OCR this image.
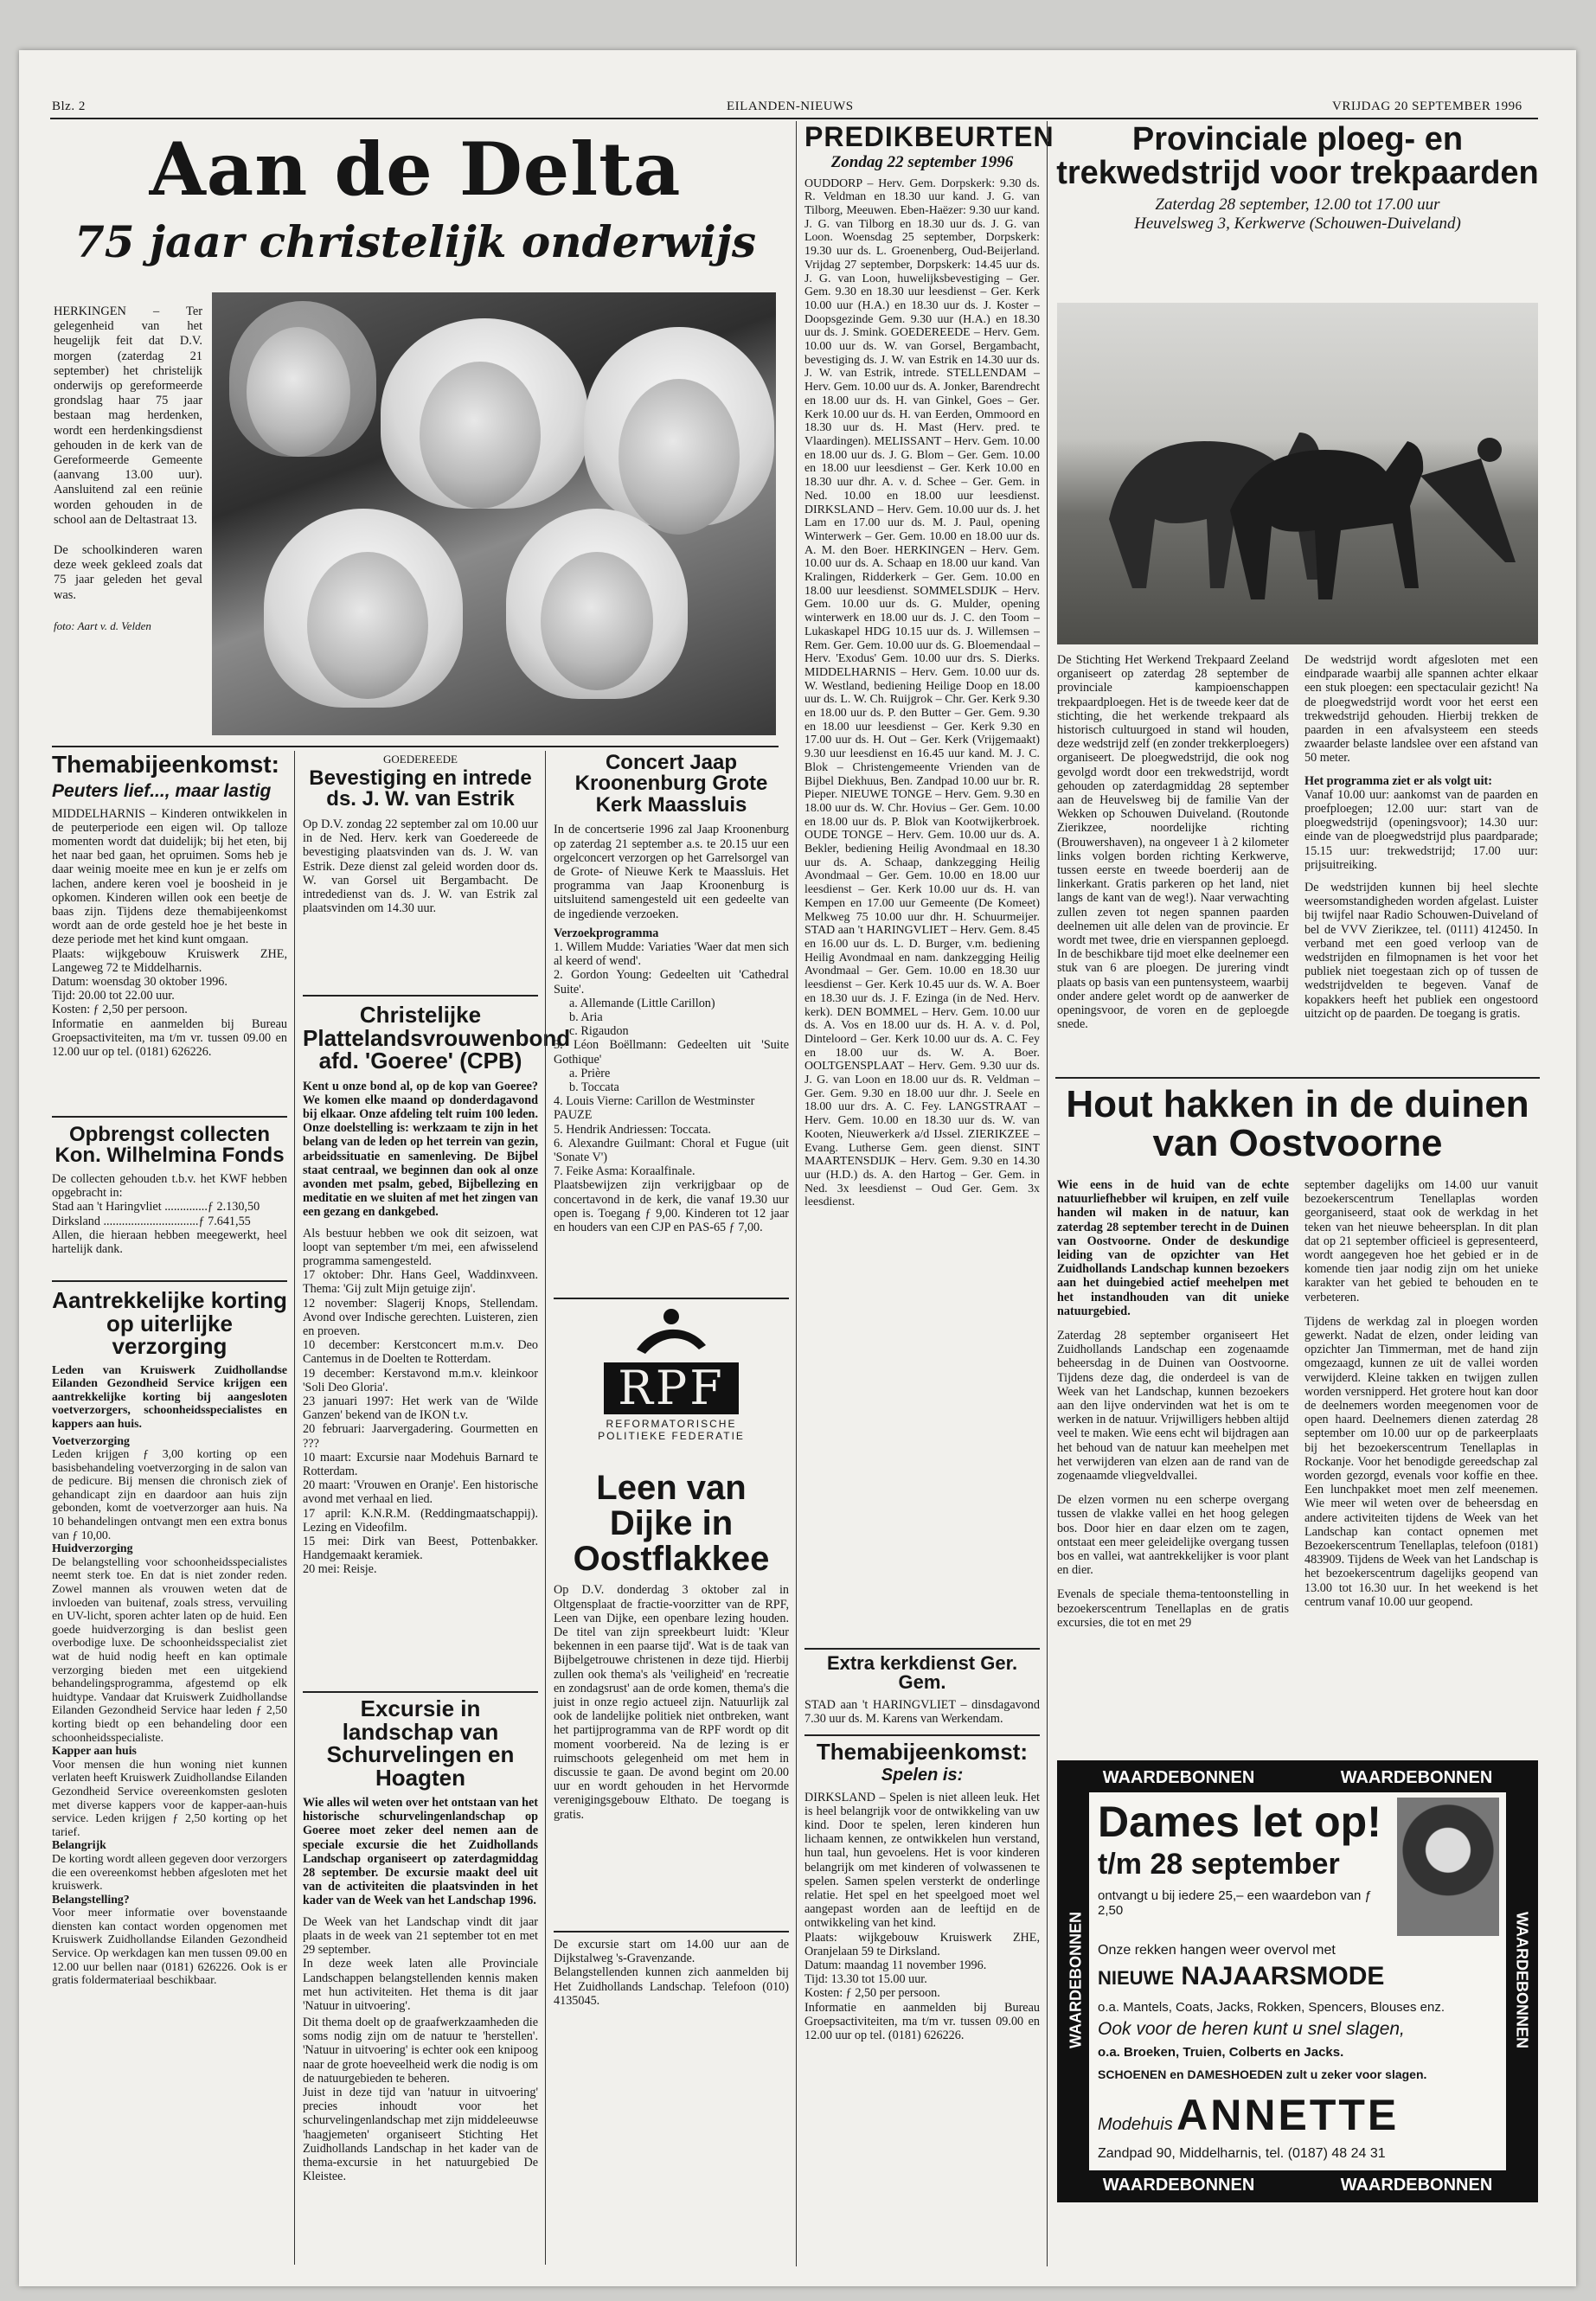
Blz. 2	EILANDEN-NIEUWS	VRIJDAG 20 SEPTEMBER 1996
Aan de Delta
75 jaar christelijk onderwijs

HERKINGEN – Ter gelegenheid van het heugelijk feit dat D.V. morgen (zaterdag 21 september) het christelijk onderwijs op gereformeerde grondslag haar 75 jaar bestaan mag herdenken, wordt een herdenkingsdienst gehouden in de kerk van de Gereformeerde Gemeente (aanvang 13.00 uur). Aansluitend zal een reünie worden gehouden in de school aan de Deltastraat 13.

De schoolkinderen waren deze week gekleed zoals dat 75 jaar geleden het geval was.

foto: Aart v. d. Velden

Themabijeenkomst:
Peuters lief..., maar lastig

MIDDELHARNIS – Kinderen ontwikkelen in de peuterperiode een eigen wil. Op talloze momenten wordt dat duidelijk; bij het eten, bij het naar bed gaan, het opruimen. Soms heb je daar weinig moeite mee en kun je er zelfs om lachen, andere keren voel je boosheid in je opkomen. Kinderen willen ook een beetje de baas zijn. Tijdens deze themabijeenkomst wordt aan de orde gesteld hoe je het beste in deze periode met het kind kunt omgaan.

Plaats: wijkgebouw Kruiswerk ZHE, Langeweg 72 te Middelharnis.

Datum: woensdag 30 oktober 1996.

Tijd: 20.00 tot 22.00 uur.

Kosten: ƒ 2,50 per persoon.

Informatie en aanmelden bij Bureau Groepsactiviteiten, ma t/m vr. tussen 09.00 en 12.00 uur op tel. (0181) 626226.

Opbrengst collecten Kon. Wilhelmina Fonds

De collecten gehouden t.b.v. het KWF hebben opgebracht in:

Stad aan 't Haringvliet ..............ƒ 2.130,50

Dirksland ...............................ƒ 7.641,55

Allen, die hieraan hebben meegewerkt, heel hartelijk dank.

Aantrekkelijke korting op uiterlijke verzorging

Leden van Kruiswerk Zuidhollandse Eilanden Gezondheid Service krijgen een aantrekkelijke korting bij aangesloten voetverzorgers, schoonheidsspecialistes en kappers aan huis.

Voetverzorging

Leden krijgen ƒ 3,00 korting op een basisbehandeling voetverzorging in de salon van de pedicure. Bij mensen die chronisch ziek of gehandicapt zijn en daardoor aan huis zijn gebonden, komt de voetverzorger aan huis. Na 10 behandelingen ontvangt men een extra bonus van ƒ 10,00.

Huidverzorging

De belangstelling voor schoonheidsspecialistes neemt sterk toe. En dat is niet zonder reden. Zowel mannen als vrouwen weten dat de invloeden van buitenaf, zoals stress, vervuiling en UV-licht, sporen achter laten op de huid. Een goede huidverzorging is dan beslist geen overbodige luxe. De schoonheidsspecialist ziet wat de huid nodig heeft en kan optimale verzorging bieden met een uitgekiend behandelingsprogramma, afgestemd op elk huidtype. Vandaar dat Kruiswerk Zuidhollandse Eilanden Gezondheid Service haar leden ƒ 2,50 korting biedt op een behandeling door een schoonheidsspecialiste.

Kapper aan huis

Voor mensen die hun woning niet kunnen verlaten heeft Kruiswerk Zuidhollandse Eilanden Gezondheid Service overeenkomsten gesloten met diverse kappers voor de kapper-aan-huis service. Leden krijgen ƒ 2,50 korting op het tarief.

Belangrijk

De korting wordt alleen gegeven door verzorgers die een overeenkomst hebben afgesloten met het kruiswerk.

Belangstelling?

Voor meer informatie over bovenstaande diensten kan contact worden opgenomen met Kruiswerk Zuidhollandse Eilanden Gezondheid Service. Op werkdagen kan men tussen 09.00 en 12.00 uur bellen naar (0181) 626226. Ook is er gratis foldermateriaal beschikbaar.

GOEDEREEDE
Bevestiging en intrede ds. J. W. van Estrik
Op D.V. zondag 22 september zal om 10.00 uur in de Ned. Herv. kerk van Goedereede de bevestiging plaatsvinden van ds. J. W. van Estrik. Deze dienst zal geleid worden door ds. W. van Gorsel uit Bergambacht. De intrededienst van ds. J. W. van Estrik zal plaatsvinden om 14.30 uur.
Christelijke Plattelandsvrouwenbond afd. 'Goeree' (CPB)

Kent u onze bond al, op de kop van Goeree? We komen elke maand op donderdagavond bij elkaar. Onze afdeling telt ruim 100 leden. Onze doelstelling is: werkzaam te zijn in het belang van de leden op het terrein van gezin, arbeidssituatie en samenleving. De Bijbel staat centraal, we beginnen dan ook al onze avonden met psalm, gebed, Bijbellezing en meditatie en we sluiten af met het zingen van een gezang en dankgebed.

Als bestuur hebben we ook dit seizoen, wat loopt van september t/m mei, een afwisselend programma samengesteld.

17 oktober: Dhr. Hans Geel, Waddinxveen. Thema: 'Gij zult Mijn getuige zijn'.

12 november: Slagerij Knops, Stellendam. Avond over Indische gerechten. Luisteren, zien en proeven.

10 december: Kerstconcert m.m.v. Deo Cantemus in de Doelten te Rotterdam.

19 december: Kerstavond m.m.v. kleinkoor 'Soli Deo Gloria'.

23 januari 1997: Het werk van de 'Wilde Ganzen' bekend van de IKON t.v.

20 februari: Jaarvergadering. Gourmetten en ???

10 maart: Excursie naar Modehuis Barnard te Rotterdam.

20 maart: 'Vrouwen en Oranje'. Een historische avond met verhaal en lied.

17 april: K.N.R.M. (Reddingmaatschappij). Lezing en Videofilm.

15 mei: Dirk van Beest, Pottenbakker. Handgemaakt keramiek.

20 mei: Reisje.

Excursie in landschap van Schurvelingen en Hoagten

Wie alles wil weten over het ontstaan van het historische schurvelingenlandschap op Goeree moet zeker deel nemen aan de speciale excursie die het Zuidhollands Landschap organiseert op zaterdagmiddag 28 september. De excursie maakt deel uit van de activiteiten die plaatsvinden in het kader van de Week van het Landschap 1996.

De Week van het Landschap vindt dit jaar plaats in de week van 21 september tot en met 29 september.

In deze week laten alle Provinciale Landschappen belangstellenden kennis maken met hun activiteiten. Het thema is dit jaar 'Natuur in uitvoering'.

Concert Jaap Kroonenburg Grote Kerk Maassluis

In de concertserie 1996 zal Jaap Kroonenburg op zaterdag 21 september a.s. te 20.15 uur een orgelconcert verzorgen op het Garrelsorgel van de Grote- of Nieuwe Kerk te Maassluis. Het programma van Jaap Kroonenburg is uitsluitend samengesteld uit een gedeelte van de ingediende verzoeken.

Verzoekprogramma

1. Willem Mudde: Variaties 'Waer dat men sich al keerd of wend'.

2. Gordon Young: Gedeelten uit 'Cathedral Suite'.

a. Allemande (Little Carillon)

b. Aria

c. Rigaudon

3. Léon Boëllmann: Gedeelten uit 'Suite Gothique'

a. Prière

b. Toccata

4. Louis Vierne: Carillon de Westminster

PAUZE

5. Hendrik Andriessen: Toccata.

6. Alexandre Guilmant: Choral et Fugue (uit 'Sonate V')

7. Feike Asma: Koraalfinale.

Plaatsbewijzen zijn verkrijgbaar op de concertavond in de kerk, die vanaf 19.30 uur open is. Toegang ƒ 9,00. Kinderen tot 12 jaar en houders van een CJP en PAS-65 ƒ 7,00.

RPF
REFORMATORISCHE
POLITIEKE FEDERATIE
Leen van Dijke in Oostflakkee
Op D.V. donderdag 3 oktober zal in Oltgensplaat de fractie-voorzitter van de RPF, Leen van Dijke, een openbare lezing houden. De titel van zijn spreekbeurt luidt: 'Kleur bekennen in een paarse tijd'. Wat is de taak van Bijbelgetrouwe christenen in deze tijd. Hierbij zullen ook thema's als 'veiligheid' en 'recreatie en zondagsrust' aan de orde komen, thema's die juist in onze regio actueel zijn. Natuurlijk zal ook de landelijke politiek niet ontbreken, want het partijprogramma van de RPF wordt op dit moment voorbereid. Na de lezing is er ruimschoots gelegenheid om met hem in discussie te gaan. De avond begint om 20.00 uur en wordt gehouden in het Hervormde verenigingsgebouw Elthato. De toegang is gratis.

Dit thema doelt op de graafwerkzaamheden die soms nodig zijn om de natuur te 'herstellen'. 'Natuur in uitvoering' is echter ook een knipoog naar de grote hoeveelheid werk die nodig is om de natuurgebieden te beheren.

Juist in deze tijd van 'natuur in uitvoering' precies inhoudt voor het schurvelingenlandschap met zijn middeleeuwse 'haagjemeten' organiseert Stichting Het Zuidhollands Landschap in het kader van de thema-excursie in het natuurgebied De Kleistee.

De excursie start om 14.00 uur aan de Dijkstalweg 's-Gravenzande.

Belangstellenden kunnen zich aanmelden bij Het Zuidhollands Landschap. Telefoon (010) 4135045.

PREDIKBEURTEN
Zondag 22 september 1996
OUDDORP – Herv. Gem. Dorpskerk: 9.30 ds. R. Veldman en 18.30 uur kand. J. G. van Tilborg, Meeuwen. Eben-Haëzer: 9.30 uur kand. J. G. van Tilborg en 18.30 uur ds. J. G. van Loon. Woensdag 25 september, Dorpskerk: 19.30 uur ds. L. Groenenberg, Oud-Beijerland. Vrijdag 27 september, Dorpskerk: 14.45 uur ds. J. G. van Loon, huwelijksbevestiging – Ger. Gem. 9.30 en 18.30 uur leesdienst – Ger. Kerk 10.00 uur (H.A.) en 18.30 uur ds. J. Koster – Doopsgezinde Gem. 9.30 uur (H.A.) en 18.30 uur ds. J. Smink. GOEDEREEDE – Herv. Gem. 10.00 uur ds. W. van Gorsel, Bergambacht, bevestiging ds. J. W. van Estrik en 14.30 uur ds. J. W. van Estrik, intrede. STELLENDAM – Herv. Gem. 10.00 uur ds. A. Jonker, Barendrecht en 18.00 uur ds. H. van Ginkel, Goes – Ger. Kerk 10.00 uur ds. H. van Eerden, Ommoord en 18.30 uur ds. H. Mast (Herv. pred. te Vlaardingen). MELISSANT – Herv. Gem. 10.00 en 18.00 uur ds. J. G. Blom – Ger. Gem. 10.00 en 18.00 uur leesdienst – Ger. Kerk 10.00 en 18.30 uur dhr. A. v. d. Schee – Ger. Gem. in Ned. 10.00 en 18.00 uur leesdienst. DIRKSLAND – Herv. Gem. 10.00 uur ds. J. het Lam en 17.00 uur ds. M. J. Paul, opening Winterwerk – Ger. Gem. 10.00 en 18.00 uur ds. A. M. den Boer. HERKINGEN – Herv. Gem. 10.00 uur ds. A. Schaap en 18.00 uur kand. Van Kralingen, Ridderkerk – Ger. Gem. 10.00 en 18.00 uur leesdienst. SOMMELSDIJK – Herv. Gem. 10.00 uur ds. G. Mulder, opening winterwerk en 18.00 uur ds. J. C. den Toom – Lukaskapel HDG 10.15 uur ds. J. Willemsen – Rem. Ger. Gem. 10.00 uur ds. G. Bloemendaal – Herv. 'Exodus' Gem. 10.00 uur drs. S. Dierks. MIDDELHARNIS – Herv. Gem. 10.00 uur ds. W. Westland, bediening Heilige Doop en 18.00 uur ds. L. W. Ch. Ruijgrok – Chr. Ger. Kerk 9.30 en 18.00 uur ds. P. den Butter – Ger. Gem. 9.30 en 18.00 uur leesdienst – Ger. Kerk 9.30 en 17.00 uur ds. H. Out – Ger. Kerk (Vrijgemaakt) 9.30 uur leesdienst en 16.45 uur kand. M. J. C. Blok – Christengemeente Vrienden van de Bijbel Diekhuus, Ben. Zandpad 10.00 uur br. R. Pieper. NIEUWE TONGE – Herv. Gem. 9.30 en 18.00 uur ds. W. Chr. Hovius – Ger. Gem. 10.00 en 18.00 uur ds. P. Blok van Kootwijkerbroek. OUDE TONGE – Herv. Gem. 10.00 uur ds. A. Bekler, bediening Heilig Avondmaal en 18.30 uur ds. A. Schaap, dankzegging Heilig Avondmaal – Ger. Gem. 10.00 en 18.00 uur leesdienst – Ger. Kerk 10.00 uur ds. H. van Kempen en 17.00 uur Gemeente (De Komeet) Melkweg 75 10.00 uur dhr. H. Schuurmeijer. STAD aan 't HARINGVLIET – Herv. Gem. 8.45 en 16.00 uur ds. L. D. Burger, v.m. bediening Heilig Avondmaal en nam. dankzegging Heilig Avondmaal – Ger. Gem. 10.00 en 18.30 uur leesdienst – Ger. Kerk 10.45 uur ds. W. A. Boer en 18.30 uur ds. J. F. Ezinga (in de Ned. Herv. kerk). DEN BOMMEL – Herv. Gem. 10.00 uur ds. A. Vos en 18.00 uur ds. H. A. v. d. Pol, Dinteloord – Ger. Kerk 10.00 uur ds. A. C. Fey en 18.00 uur ds. W. A. Boer. OOLTGENSPLAAT – Herv. Gem. 9.30 uur ds. J. G. van Loon en 18.00 uur ds. R. Veldman – Ger. Gem. 9.30 en 18.00 uur dhr. J. Seele en 18.00 uur drs. A. C. Fey. LANGSTRAAT – Herv. Gem. 10.00 en 18.30 uur ds. W. van Kooten, Nieuwerkerk a/d IJssel. ZIERIKZEE – Evang. Lutherse Gem. geen dienst. SINT MAARTENSDIJK – Herv. Gem. 9.30 en 14.30 uur (H.D.) ds. A. den Hartog – Ger. Gem. in Ned. 3x leesdienst – Oud Ger. Gem. 3x leesdienst.
Extra kerkdienst Ger. Gem.
STAD aan 't HARINGVLIET – dinsdagavond 7.30 uur ds. M. Karens van Werkendam.
Themabijeenkomst:
Spelen is:

DIRKSLAND – Spelen is niet alleen leuk. Het is heel belangrijk voor de ontwikkeling van uw kind. Door te spelen, leren kinderen hun lichaam kennen, ze ontwikkelen hun verstand, hun taal, hun gevoelens. Het is voor kinderen belangrijk om met kinderen of volwassenen te spelen. Samen spelen versterkt de onderlinge relatie. Het spel en het speelgoed moet wel aangepast worden aan de leeftijd en de ontwikkeling van het kind.

Plaats: wijkgebouw Kruiswerk ZHE, Oranjelaan 59 te Dirksland.

Datum: maandag 11 november 1996.

Tijd: 13.30 tot 15.00 uur.

Kosten: ƒ 2,50 per persoon.

Informatie en aanmelden bij Bureau Groepsactiviteiten, ma t/m vr. tussen 09.00 en 12.00 uur op tel. (0181) 626226.

Provinciale ploeg- en trekwedstrijd voor trekpaarden
Zaterdag 28 september, 12.00 tot 17.00 uur
Heuvelsweg 3, Kerkwerve (Schouwen-Duiveland)
De Stichting Het Werkend Trekpaard Zeeland organiseert op zaterdag 28 september de provinciale kampioenschappen trekpaardploegen. Het is de tweede keer dat de stichting, die het werkende trekpaard als historisch cultuurgoed in stand wil houden, deze wedstrijd zelf (en zonder trekkerploegers) organiseert. De ploegwedstrijd, die ook nog gevolgd wordt door een trekwedstrijd, wordt gehouden op zaterdagmiddag 28 september aan de Heuvelsweg bij de familie Van der Wekken op Schouwen Duiveland. (Routonde Zierikzee, noordelijke richting (Brouwershaven), na ongeveer 1 à 2 kilometer links volgen borden richting Kerkwerve, tussen eerste en tweede boerderij aan de linkerkant. Gratis parkeren op het land, niet langs de kant van de weg!). Naar verwachting zullen zeven tot negen spannen paarden deelnemen uit alle delen van de provincie. Er wordt met twee, drie en vierspannen geploegd. In de beschikbare tijd moet elke deelnemer een stuk van 6 are ploegen. De jurering vindt plaats op basis van een puntensysteem, waarbij onder andere gelet wordt op de aanwerker de openingsvoor, de voren en de geploegde snede.

De wedstrijd wordt afgesloten met een eindparade waarbij alle spannen achter elkaar een stuk ploegen: een spectaculair gezicht! Na de ploegwedstrijd wordt voor het eerst een trekwedstrijd gehouden. Hierbij trekken de paarden in een afvalsysteem een steeds zwaarder belaste landslee over een afstand van 50 meter.

Het programma ziet er als volgt uit:

Vanaf 10.00 uur: aankomst van de paarden en proefploegen; 12.00 uur: start van de ploegwedstrijd (openingsvoor); 14.30 uur: einde van de ploegwedstrijd plus paardparade; 15.15 uur: trekwedstrijd; 17.00 uur: prijsuitreiking.

De wedstrijden kunnen bij heel slechte weersomstandigheden worden afgelast. Luister bij twijfel naar Radio Schouwen-Duiveland of bel de VVV Zierikzee, tel. (0111) 412450. In verband met een goed verloop van de wedstrijden en filmopnamen is het voor het publiek niet toegestaan zich op of tussen de wedstrijdvelden te begeven. Vanaf de kopakkers heeft het publiek een ongestoord uitzicht op de paarden. De toegang is gratis.

Hout hakken in de duinen van Oostvoorne

Wie eens in de huid van de echte natuurliefhebber wil kruipen, en zelf vuile handen wil maken in de natuur, kan zaterdag 28 september terecht in de Duinen van Oostvoorne. Onder de deskundige leiding van de opzichter van Het Zuidhollands Landschap kunnen bezoekers aan het duingebied actief meehelpen met het instandhouden van dit unieke natuurgebied.

Zaterdag 28 september organiseert Het Zuidhollands Landschap een zogenaamde beheersdag in de Duinen van Oostvoorne. Tijdens deze dag, die onderdeel is van de Week van het Landschap, kunnen bezoekers aan den lijve ondervinden wat het is om te werken in de natuur. Vrijwilligers hebben altijd veel te maken. Wie eens echt wil bijdragen aan het behoud van de natuur kan meehelpen met het verwijderen van elzen aan de rand van de zogenaamde vliegveldvallei.

De elzen vormen nu een scherpe overgang tussen de vlakke vallei en het hoog gelegen bos. Door hier en daar elzen om te zagen, ontstaat een meer geleidelijke overgang tussen bos en vallei, wat aantrekkelijker is voor plant en dier.

Evenals de speciale thema-tentoonstelling in bezoekerscentrum Tenellaplas en de gratis excursies, die tot en met 29

september dagelijks om 14.00 uur vanuit bezoekerscentrum Tenellaplas worden georganiseerd, staat ook de werkdag in het teken van het nieuwe beheersplan. In dit plan dat op 21 september officieel is gepresenteerd, wordt aangegeven hoe het gebied er in de komende tien jaar nodig zijn om het unieke karakter van het gebied te behouden en te verbeteren.

Tijdens de werkdag zal in ploegen worden gewerkt. Nadat de elzen, onder leiding van opzichter Jan Timmerman, met de hand zijn omgezaagd, kunnen ze uit de vallei worden verwijderd. Kleine takken en twijgen zullen worden versnipperd. Het grotere hout kan door de deelnemers worden meegenomen voor de open haard. Deelnemers dienen zaterdag 28 september om 10.00 uur op de parkeerplaats bij het bezoekerscentrum Tenellaplas in Rockanje. Voor het benodigde gereedschap zal worden gezorgd, evenals voor koffie en thee. Een lunchpakket moet men zelf meenemen. Wie meer wil weten over de beheersdag en andere activiteiten tijdens de Week van het Landschap kan contact opnemen met Bezoekerscentrum Tenellaplas, telefoon (0181) 483909. Tijdens de Week van het Landschap is het bezoekerscentrum dagelijks geopend van 13.00 tot 16.30 uur. In het weekend is het centrum vanaf 10.00 uur geopend.

WAARDEBONNEN	WAARDEBONNEN
WAARDEBONNEN	WAARDEBONNEN
WAARDEBONNEN	WAARDEBONNEN
Dames let op!
t/m 28 september
ontvangt u bij iedere 25,– een waardebon van ƒ 2,50
Onze rekken hangen weer overvol met
NIEUWE NAJAARSMODE
o.a. Mantels, Coats, Jacks, Rokken, Spencers, Blouses enz.
Ook voor de heren kunt u snel slagen,
o.a. Broeken, Truien, Colberts en Jacks.
SCHOENEN en DAMESHOEDEN zult u zeker voor slagen.
Modehuis ANNETTE
Zandpad 90, Middelharnis, tel. (0187) 48 24 31
